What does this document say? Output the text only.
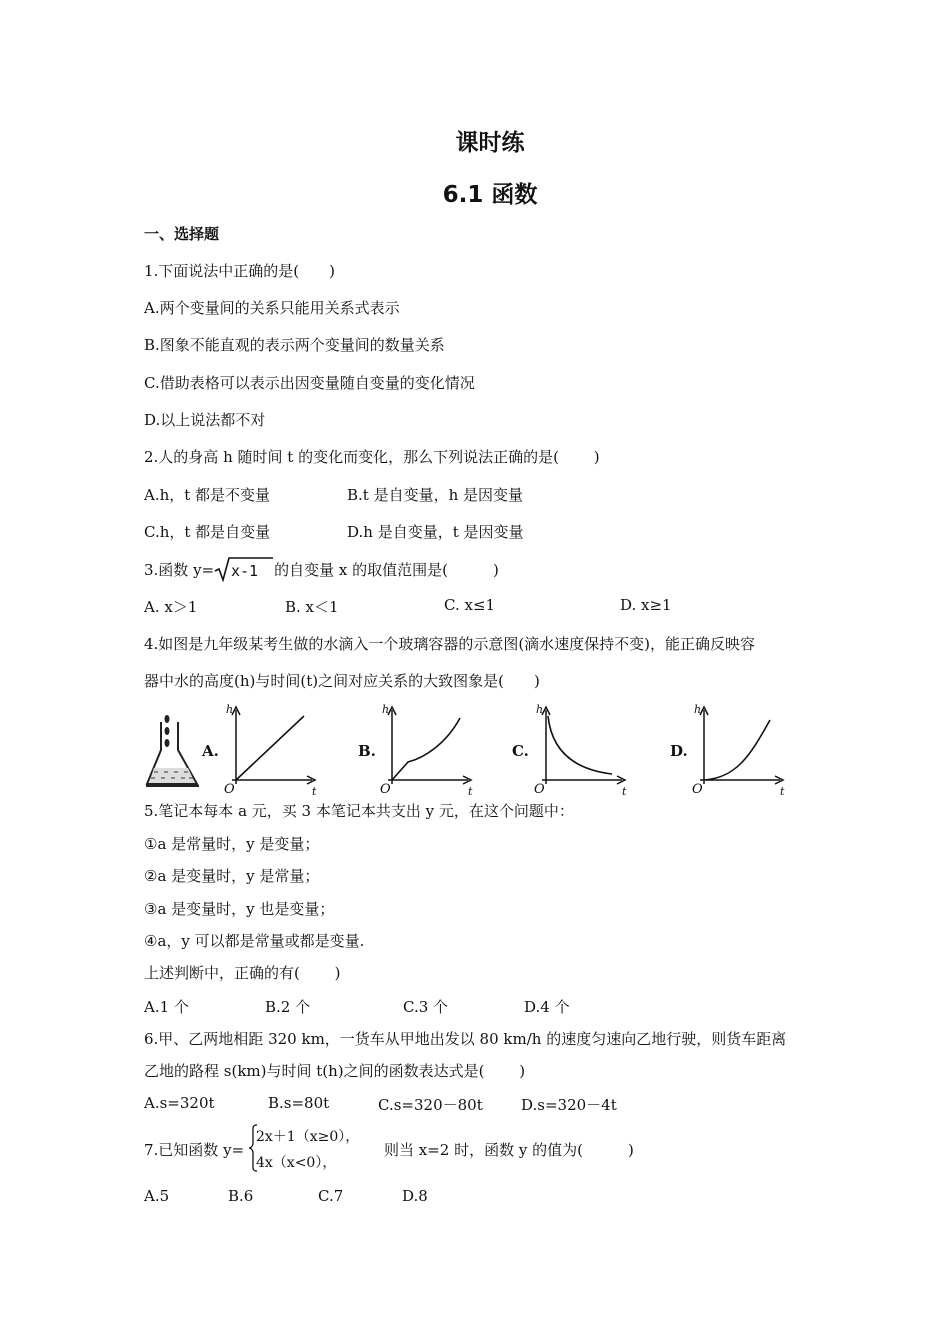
课时练
6.1 函数
一、选择题
1.下面说法中正确的是(　　)
A.两个变量间的关系只能用关系式表示
B.图象不能直观的表示两个变量间的数量关系
C.借助表格可以表示出因变量随自变量的变化情况
D.以上说法都不对
2.人的身高 h 随时间 t 的变化而变化，那么下列说法正确的是(　　 )
A.h，t 都是不变量	B.t 是自变量，h 是因变量
C.h，t 都是自变量	D.h 是自变量，t 是因变量
3.函数 y= x-1 的自变量 x 的取值范围是(　　　)
A. x＞1	B. x＜1	C. x≤1	D. x≥1
4.如图是九年级某考生做的水滴入一个玻璃容器的示意图(滴水速度保持不变)，能正确反映容
器中水的高度(h)与时间(t)之间对应关系的大致图象是(　　)
A.
h
t
O
B.
h
t
O
C.
h
t
O
D.
h
t
O
5.笔记本每本 a 元，买 3 本笔记本共支出 y 元，在这个问题中：
①a 是常量时，y 是变量；
②a 是变量时，y 是常量；
③a 是变量时，y 也是变量；
④a，y 可以都是常量或都是变量.
上述判断中，正确的有(　　 )
A.1 个	B.2 个	C.3 个	D.4 个
6.甲、乙两地相距 320 km，一货车从甲地出发以 80 km/h 的速度匀速向乙地行驶，则货车距离
乙地的路程 s(km)与时间 t(h)之间的函数表达式是(　　 )
A.s=320t	B.s=80t	C.s=320－80t	D.s=320－4t
7.已知函数 y=
2x＋1（x≥0），
4x（x<0），
则当 x=2 时，函数 y 的值为(　　　)
A.5	B.6	C.7	D.8
